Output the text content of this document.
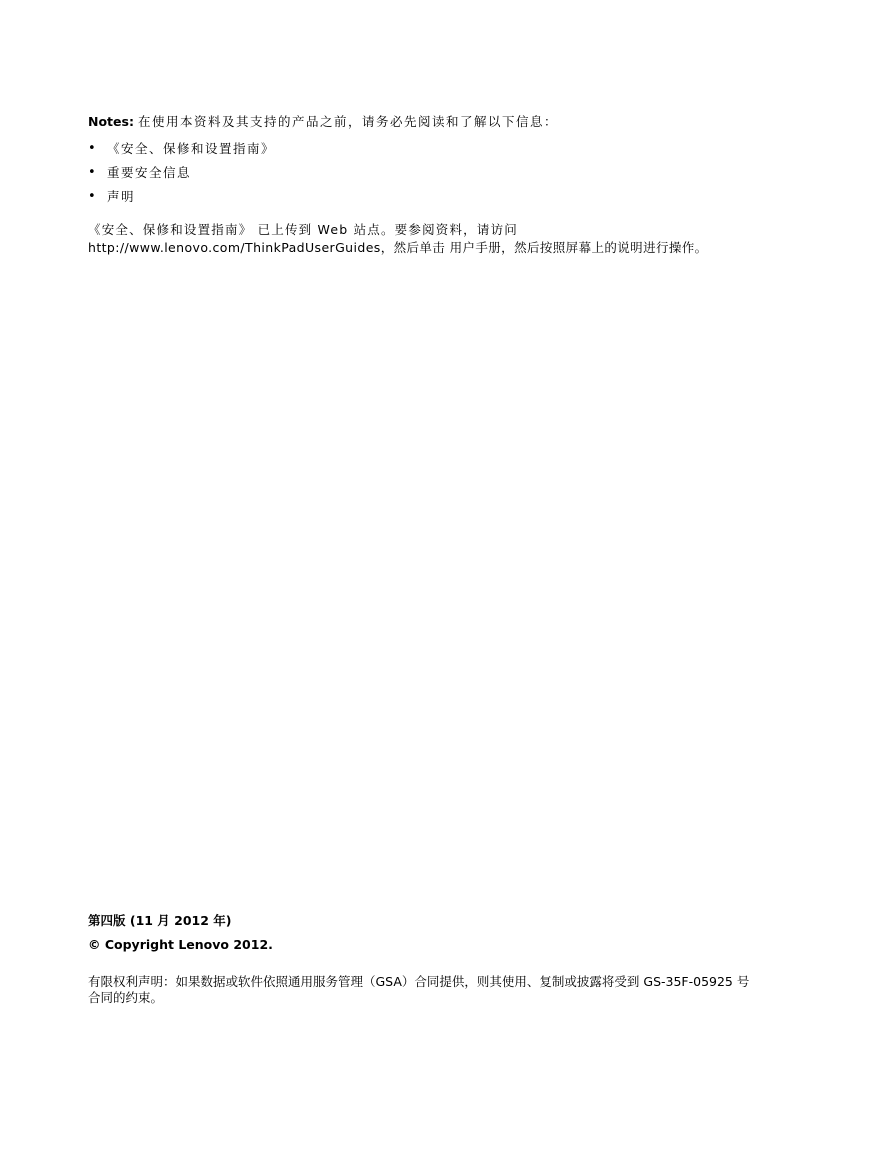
Notes: 在使用本资料及其支持的产品之前，请务必先阅读和了解以下信息：
• 《安全、保修和设置指南》
• 重要安全信息
• 声明
《安全、保修和设置指南》 已上传到 Web 站点。要参阅资料，请访问
http://www.lenovo.com/ThinkPadUserGuides，然后单击 用户手册，然后按照屏幕上的说明进行操作。
第四版 (11 月 2012 年)
© Copyright Lenovo 2012.
有限权利声明：如果数据或软件依照通用服务管理（GSA）合同提供，则其使用、复制或披露将受到 GS-35F-05925 号
合同的约束。
